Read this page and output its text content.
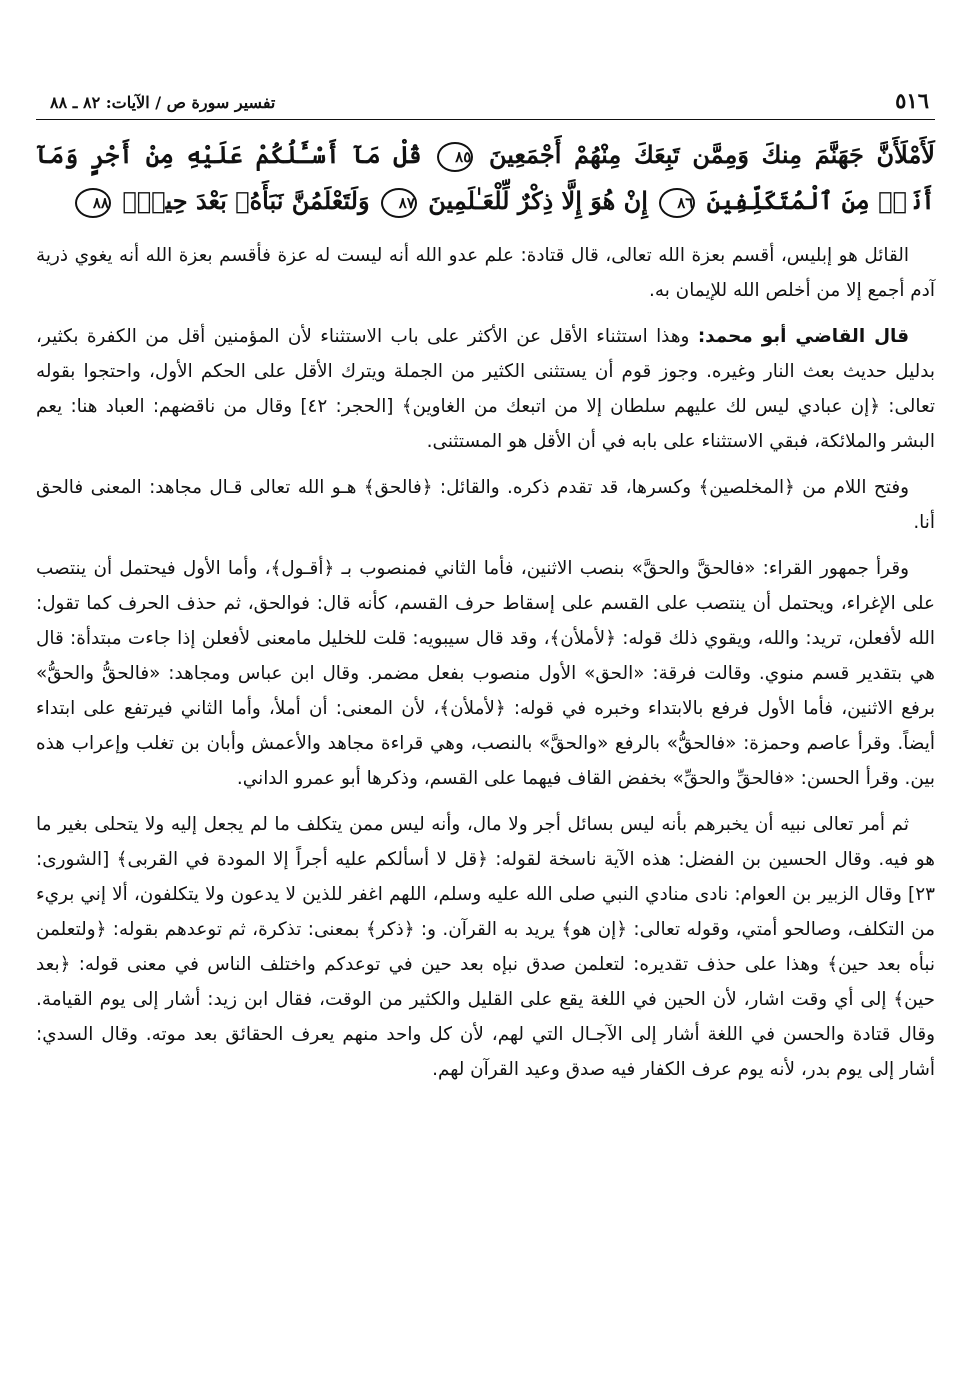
٥١٦
تفسير سورة ص / الآيات: ٨٢ ـ ٨٨
لَأَمْلَأَنَّ جَهَنَّمَ مِنكَ وَمِمَّن تَبِعَكَ مِنْهُمْ أَجْمَعِينَ ٨٥ قُلْ مَآ أَسْـَٔلُكُمْ عَلَيْهِ مِنْ أَجْرٍ وَمَآ أَنَا۠ مِنَ ٱلْمُتَكَلِّفِينَ ٨٦ إِنْ هُوَ إِلَّا ذِكْرٌ لِّلْعَـٰلَمِينَ ٨٧ وَلَتَعْلَمُنَّ نَبَأَهُۥ بَعْدَ حِينٍۭ ٨٨

القائل هو إبليس، أقسم بعزة الله تعالى، قال قتادة: علم عدو الله أنه ليست له عزة فأقسم بعزة الله أنه يغوي ذرية آدم أجمع إلا من أخلص الله للإيمان به.

قال القاضي أبو محمد: وهذا استثناء الأقل عن الأكثر على باب الاستثناء لأن المؤمنين أقل من الكفرة بكثير، بدليل حديث بعث النار وغيره. وجوز قوم أن يستثنى الكثير من الجملة ويترك الأقل على الحكم الأول، واحتجوا بقوله تعالى: ﴿إن عبادي ليس لك عليهم سلطان إلا من اتبعك من الغاوين﴾ [الحجر: ٤٢] وقال من ناقضهم: العباد هنا: يعم البشر والملائكة، فبقي الاستثناء على بابه في أن الأقل هو المستثنى.

وفتح اللام من ﴿المخلصين﴾ وكسرها، قد تقدم ذكره. والقائل: ﴿فالحق﴾ هـو الله تعالى قـال مجاهد: المعنى فالحق أنا.

وقرأ جمهور القراء: «فالحقَّ والحقَّ» بنصب الاثنين، فأما الثاني فمنصوب بـ ﴿أقـول﴾، وأما الأول فيحتمل أن ينتصب على الإغراء، ويحتمل أن ينتصب على القسم على إسقاط حرف القسم، كأنه قال: فوالحق، ثم حذف الحرف كما تقول: الله لأفعلن، تريد: والله، ويقوي ذلك قوله: ﴿لأملأن﴾، وقد قال سيبويه: قلت للخليل مامعنى لأفعلن إذا جاءت مبتدأة: قال هي بتقدير قسم منوي. وقالت فرقة: «الحق» الأول منصوب بفعل مضمر. وقال ابن عباس ومجاهد: «فالحقُّ والحقُّ» برفع الاثنين، فأما الأول فرفع بالابتداء وخبره في قوله: ﴿لأملأن﴾، لأن المعنى: أن أملأ، وأما الثاني فيرتفع على ابتداء أيضاً. وقرأ عاصم وحمزة: «فالحقُّ» بالرفع «والحقَّ» بالنصب، وهي قراءة مجاهد والأعمش وأبان بن تغلب وإعراب هذه بين. وقرأ الحسن: «فالحقِّ والحقِّ» بخفض القاف فيهما على القسم، وذكرها أبو عمرو الداني.

ثم أمر تعالى نبيه أن يخبرهم بأنه ليس بسائل أجر ولا مال، وأنه ليس ممن يتكلف ما لم يجعل إليه ولا يتحلى بغير ما هو فيه. وقال الحسين بن الفضل: هذه الآية ناسخة لقوله: ﴿قل لا أسألكم عليه أجراً إلا المودة في القربى﴾ [الشورى: ٢٣] وقال الزبير بن العوام: نادى منادي النبي صلى الله عليه وسلم، اللهم اغفر للذين لا يدعون ولا يتكلفون، ألا إني بريء من التكلف، وصالحو أمتي، وقوله تعالى: ﴿إن هو﴾ يريد به القرآن. و: ﴿ذكر﴾ بمعنى: تذكرة، ثم توعدهم بقوله: ﴿ولتعلمن نبأه بعد حين﴾ وهذا على حذف تقديره: لتعلمن صدق نبإه بعد حين في توعدكم واختلف الناس في معنى قوله: ﴿بعد حين﴾ إلى أي وقت اشار، لأن الحين في اللغة يقع على القليل والكثير من الوقت، فقال ابن زيد: أشار إلى يوم القيامة. وقال قتادة والحسن في اللغة أشار إلى الآجـال التي لهم، لأن كل واحد منهم يعرف الحقائق بعد موته. وقال السدي: أشار إلى يوم بدر، لأنه يوم عرف الكفار فيه صدق وعيد القرآن لهم.
